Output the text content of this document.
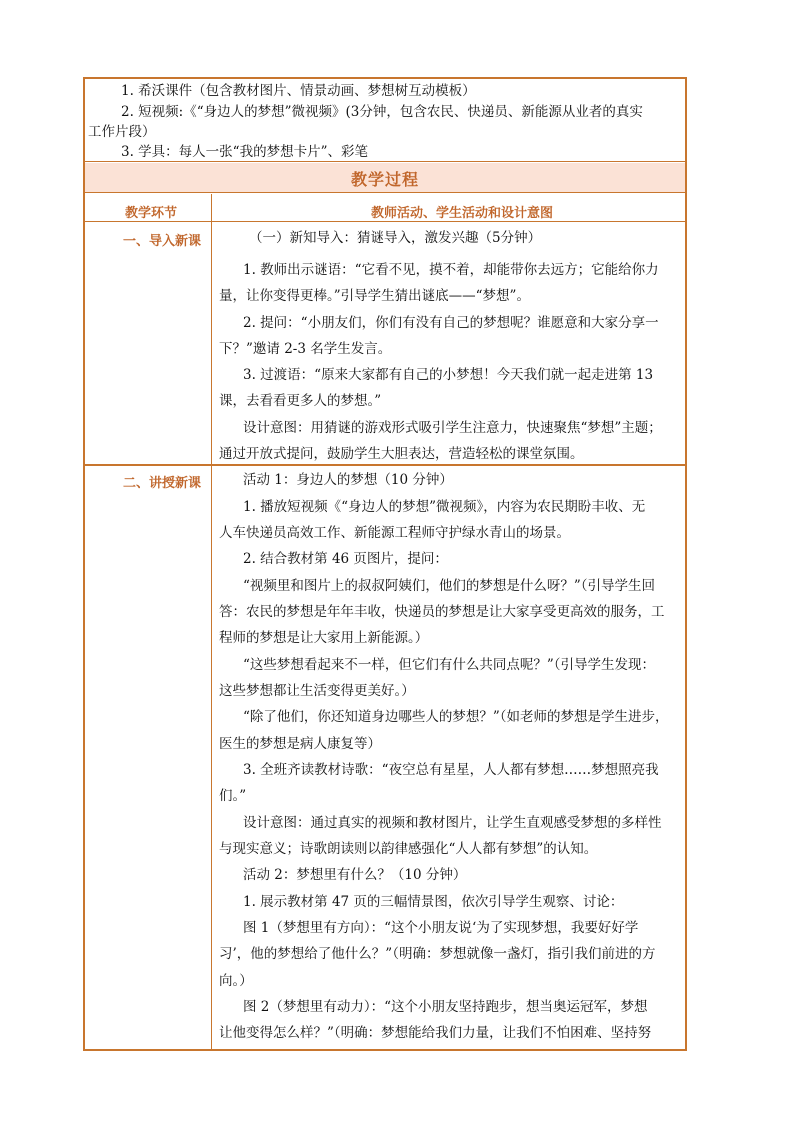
1. 希沃课件（包含教材图片、情景动画、梦想树互动模板）
2. 短视频:《“身边人的梦想”微视频》(3分钟，包含农民、快递员、新能源从业者的真实
工作片段）
3. 学具：每人一张“我的梦想卡片”、彩笔
教学过程
教学环节	教师活动、学生活动和设计意图
一、导入新课	（一）新知导入：猜谜导入，激发兴趣（5分钟）
1. 教师出示谜语：“它看不见，摸不着，却能带你去远方；它能给你力
量，让你变得更棒。”引导学生猜出谜底——“梦想”。
2. 提问：“小朋友们，你们有没有自己的梦想呢？谁愿意和大家分享一
下？”邀请 2-3 名学生发言。
3. 过渡语：“原来大家都有自己的小梦想！今天我们就一起走进第 13
课，去看看更多人的梦想。”
设计意图：用猜谜的游戏形式吸引学生注意力，快速聚焦“梦想”主题；
通过开放式提问，鼓励学生大胆表达，营造轻松的课堂氛围。
二、讲授新课	活动 1：身边人的梦想（10 分钟）
1. 播放短视频《“身边人的梦想”微视频》，内容为农民期盼丰收、无
人车快递员高效工作、新能源工程师守护绿水青山的场景。
2. 结合教材第 46 页图片，提问：
“视频里和图片上的叔叔阿姨们，他们的梦想是什么呀？”（引导学生回
答：农民的梦想是年年丰收，快递员的梦想是让大家享受更高效的服务，工
程师的梦想是让大家用上新能源。）
“这些梦想看起来不一样，但它们有什么共同点呢？”（引导学生发现：
这些梦想都让生活变得更美好。）
“除了他们，你还知道身边哪些人的梦想？”（如老师的梦想是学生进步，
医生的梦想是病人康复等）
3. 全班齐读教材诗歌：“夜空总有星星，人人都有梦想……梦想照亮我
们。”
设计意图：通过真实的视频和教材图片，让学生直观感受梦想的多样性
与现实意义；诗歌朗读则以韵律感强化“人人都有梦想”的认知。
活动 2：梦想里有什么？（10 分钟）
1. 展示教材第 47 页的三幅情景图，依次引导学生观察、讨论：
图 1（梦想里有方向）：“这个小朋友说‘为了实现梦想，我要好好学
习’，他的梦想给了他什么？”（明确：梦想就像一盏灯，指引我们前进的方
向。）
图 2（梦想里有动力）：“这个小朋友坚持跑步，想当奥运冠军，梦想
让他变得怎么样？”（明确：梦想能给我们力量，让我们不怕困难、坚持努
